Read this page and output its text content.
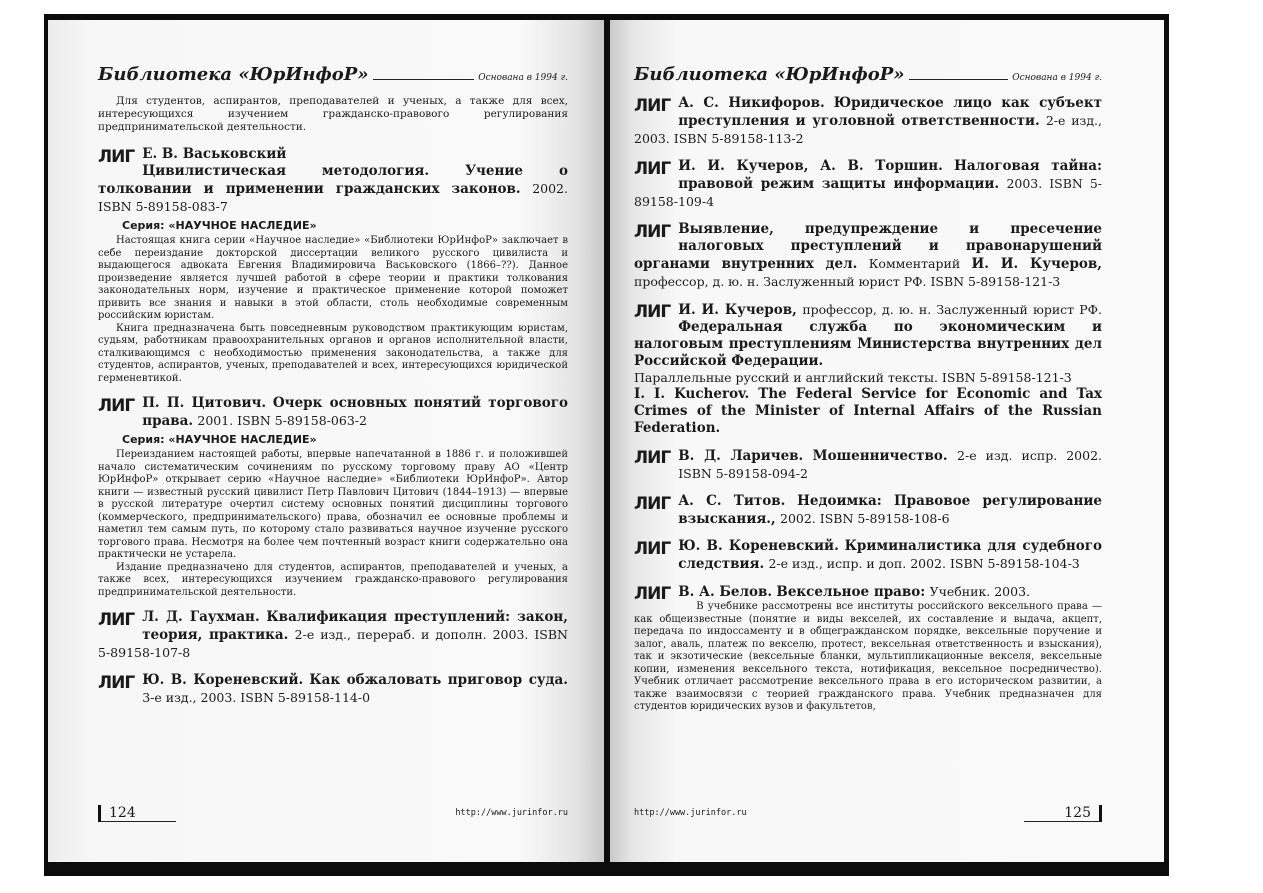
Библиотека «ЮрИнфоР»	Основана в 1994 г.

Для студентов, аспирантов, преподавателей и ученых, а также для всех, интересующихся изучением гражданско-правового регулирования предпринимательской деятельности.

ЛИГ Е. В. Васьковский
Цивилистическая методология. Учение о толковании и применении гражданских законов. 2002. ISBN 5-89158-083-7
Серия: «НАУЧНОЕ НАСЛЕДИЕ»

Настоящая книга серии «Научное наследие» «Библиотеки ЮрИнфоР» заключает в себе переиздание докторской диссертации великого русского цивилиста и выдающегося адвоката Евгения Владимировича Васьковского (1866–??). Данное произведение является лучшей работой в сфере теории и практики толкования законодательных норм, изучение и практическое применение которой поможет привить все знания и навыки в этой области, столь необходимые современным российским юристам.

Книга предназначена быть повседневным руководством практикующим юристам, судьям, работникам правоохранительных органов и органов исполнительной власти, сталкивающимся с необходимостью применения законодательства, а также для студентов, аспирантов, ученых, преподавателей и всех, интересующихся юридической герменевтикой.

ЛИГ П. П. Цитович. Очерк основных понятий торгового права. 2001. ISBN 5-89158-063-2
Серия: «НАУЧНОЕ НАСЛЕДИЕ»

Переизданием настоящей работы, впервые напечатанной в 1886 г. и положившей начало систематическим сочинениям по русскому торговому праву АО «Центр ЮрИнфоР» открывает серию «Научное наследие» «Библиотеки ЮрИнфоР». Автор книги — известный русский цивилист Петр Павлович Цитович (1844–1913) — впервые в русской литературе очертил систему основных понятий дисциплины торгового (коммерческого, предпринимательского) права, обозначил ее основные проблемы и наметил тем самым путь, по которому стало развиваться научное изучение русского торгового права. Несмотря на более чем почтенный возраст книги содержательно она практически не устарела.

Издание предназначено для студентов, аспирантов, преподавателей и ученых, а также всех, интересующихся изучением гражданско-правового регулирования предпринимательской деятельности.

ЛИГ Л. Д. Гаухман. Квалификация преступлений: закон, теория, практика. 2-е изд., перераб. и дополн. 2003. ISBN 5-89158-107-8
ЛИГ Ю. В. Кореневский. Как обжаловать приговор суда. 3-е изд., 2003. ISBN 5-89158-114-0
124	http://www.jurinfor.ru
Библиотека «ЮрИнфоР»	Основана в 1994 г.
ЛИГ А. С. Никифоров. Юридическое лицо как субъект преступления и уголовной ответственности. 2-е изд., 2003. ISBN 5-89158-113-2
ЛИГ И. И. Кучеров, А. В. Торшин. Налоговая тайна: правовой режим защиты информации. 2003. ISBN 5-89158-109-4
ЛИГ Выявление, предупреждение и пресечение налоговых преступлений и правонарушений органами внутренних дел. Комментарий И. И. Кучеров, профессор, д. ю. н. Заслуженный юрист РФ. ISBN 5-89158-121-3
ЛИГ И. И. Кучеров, профессор, д. ю. н. Заслуженный юрист РФ. Федеральная служба по экономическим и налоговым преступлениям Министерства внутренних дел Российской Федерации.
Параллельные русский и английский тексты. ISBN 5-89158-121-3
I. I. Kucherov. The Federal Service for Economic and Tax Crimes of the Minister of Internal Affairs of the Russian Federation.
ЛИГ В. Д. Ларичев. Мошенничество. 2-е изд. испр. 2002. ISBN 5-89158-094-2
ЛИГ А. С. Титов. Недоимка: Правовое регулирование взыскания., 2002. ISBN 5-89158-108-6
ЛИГ Ю. В. Кореневский. Криминалистика для судебного следствия. 2-е изд., испр. и доп. 2002. ISBN 5-89158-104-3
ЛИГ В. А. Белов. Вексельное право: Учебник. 2003.

В учебнике рассмотрены все институты российского вексельного права — как общеизвестные (понятие и виды векселей, их составление и выдача, акцепт, передача по индоссаменту и в общегражданском порядке, вексельные поручение и залог, аваль, платеж по векселю, протест, вексельная ответственность и взыскания), так и экзотические (вексельные бланки, мультипликационные векселя, вексельные копии, изменения вексельного текста, нотификация, вексельное посредничество). Учебник отличает рассмотрение вексельного права в его историческом развитии, а также взаимосвязи с теорией гражданского права. Учебник предназначен для студентов юридических вузов и факультетов,

http://www.jurinfor.ru	125
